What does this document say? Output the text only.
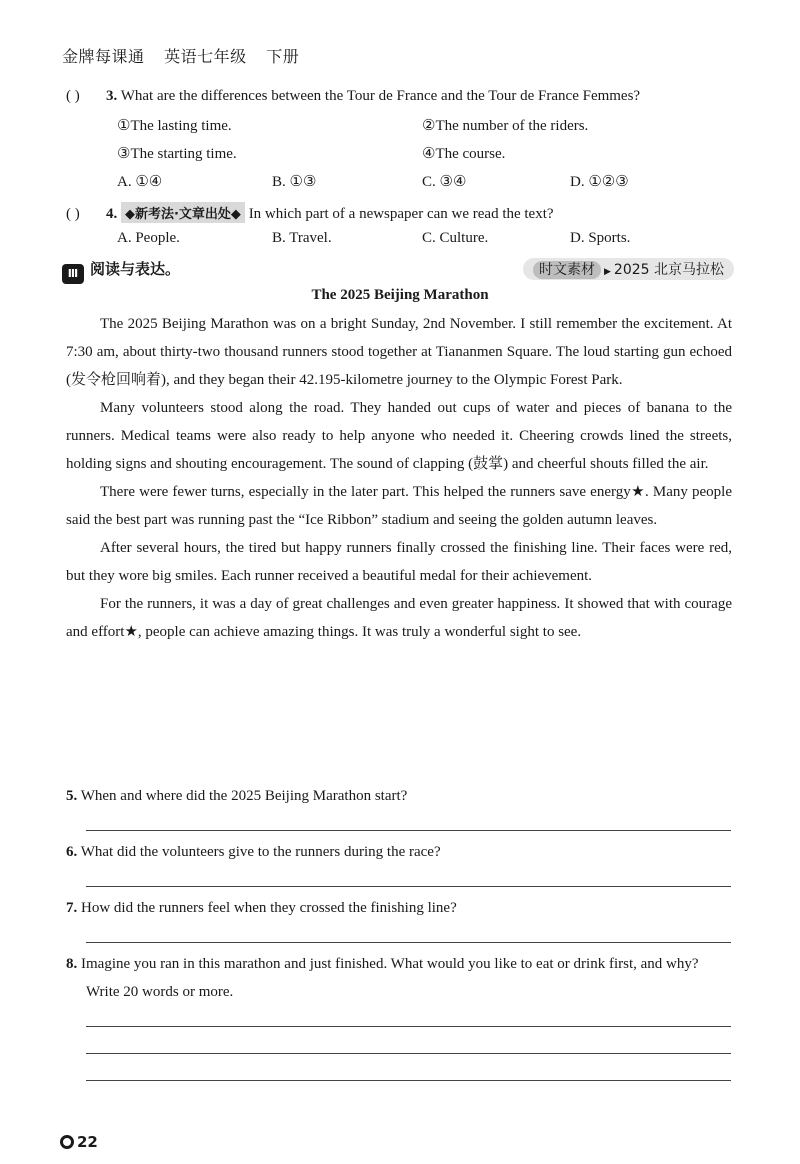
金牌每课通 英语七年级 下册
( ) 3. What are the differences between the Tour de France and the Tour de France Femmes?
①The lasting time.	②The number of the riders.
③The starting time.	④The course.
A. ①④	B. ①③	C. ③④	D. ①②③
( ) 4. ◆新考法·文章出处◆ In which part of a newspaper can we read the text?
A. People.	B. Travel.	C. Culture.	D. Sports.
Ⅲ 阅读与表达。	时文素材 ▶ 2025 北京马拉松
The 2025 Beijing Marathon

The 2025 Beijing Marathon was on a bright Sunday, 2nd November. I still remember the excitement. At 7:30 am, about thirty-two thousand runners stood together at Tiananmen Square. The loud starting gun echoed (发令枪回响着), and they began their 42.195-kilometre journey to the Olympic Forest Park.

Many volunteers stood along the road. They handed out cups of water and pieces of banana to the runners. Medical teams were also ready to help anyone who needed it. Cheering crowds lined the streets, holding signs and shouting encouragement. The sound of clapping (鼓掌) and cheerful shouts filled the air.

There were fewer turns, especially in the later part. This helped the runners save energy★. Many people said the best part was running past the “Ice Ribbon” stadium and seeing the golden autumn leaves.

After several hours, the tired but happy runners finally crossed the finishing line. Their faces were red, but they wore big smiles. Each runner received a beautiful medal for their achievement.

For the runners, it was a day of great challenges and even greater happiness. It showed that with courage and effort★, people can achieve amazing things. It was truly a wonderful sight to see.

5. When and where did the 2025 Beijing Marathon start?
6. What did the volunteers give to the runners during the race?
7. How did the runners feel when they crossed the finishing line?
8. Imagine you ran in this marathon and just finished. What would you like to eat or drink first, and why? Write 20 words or more.
22
